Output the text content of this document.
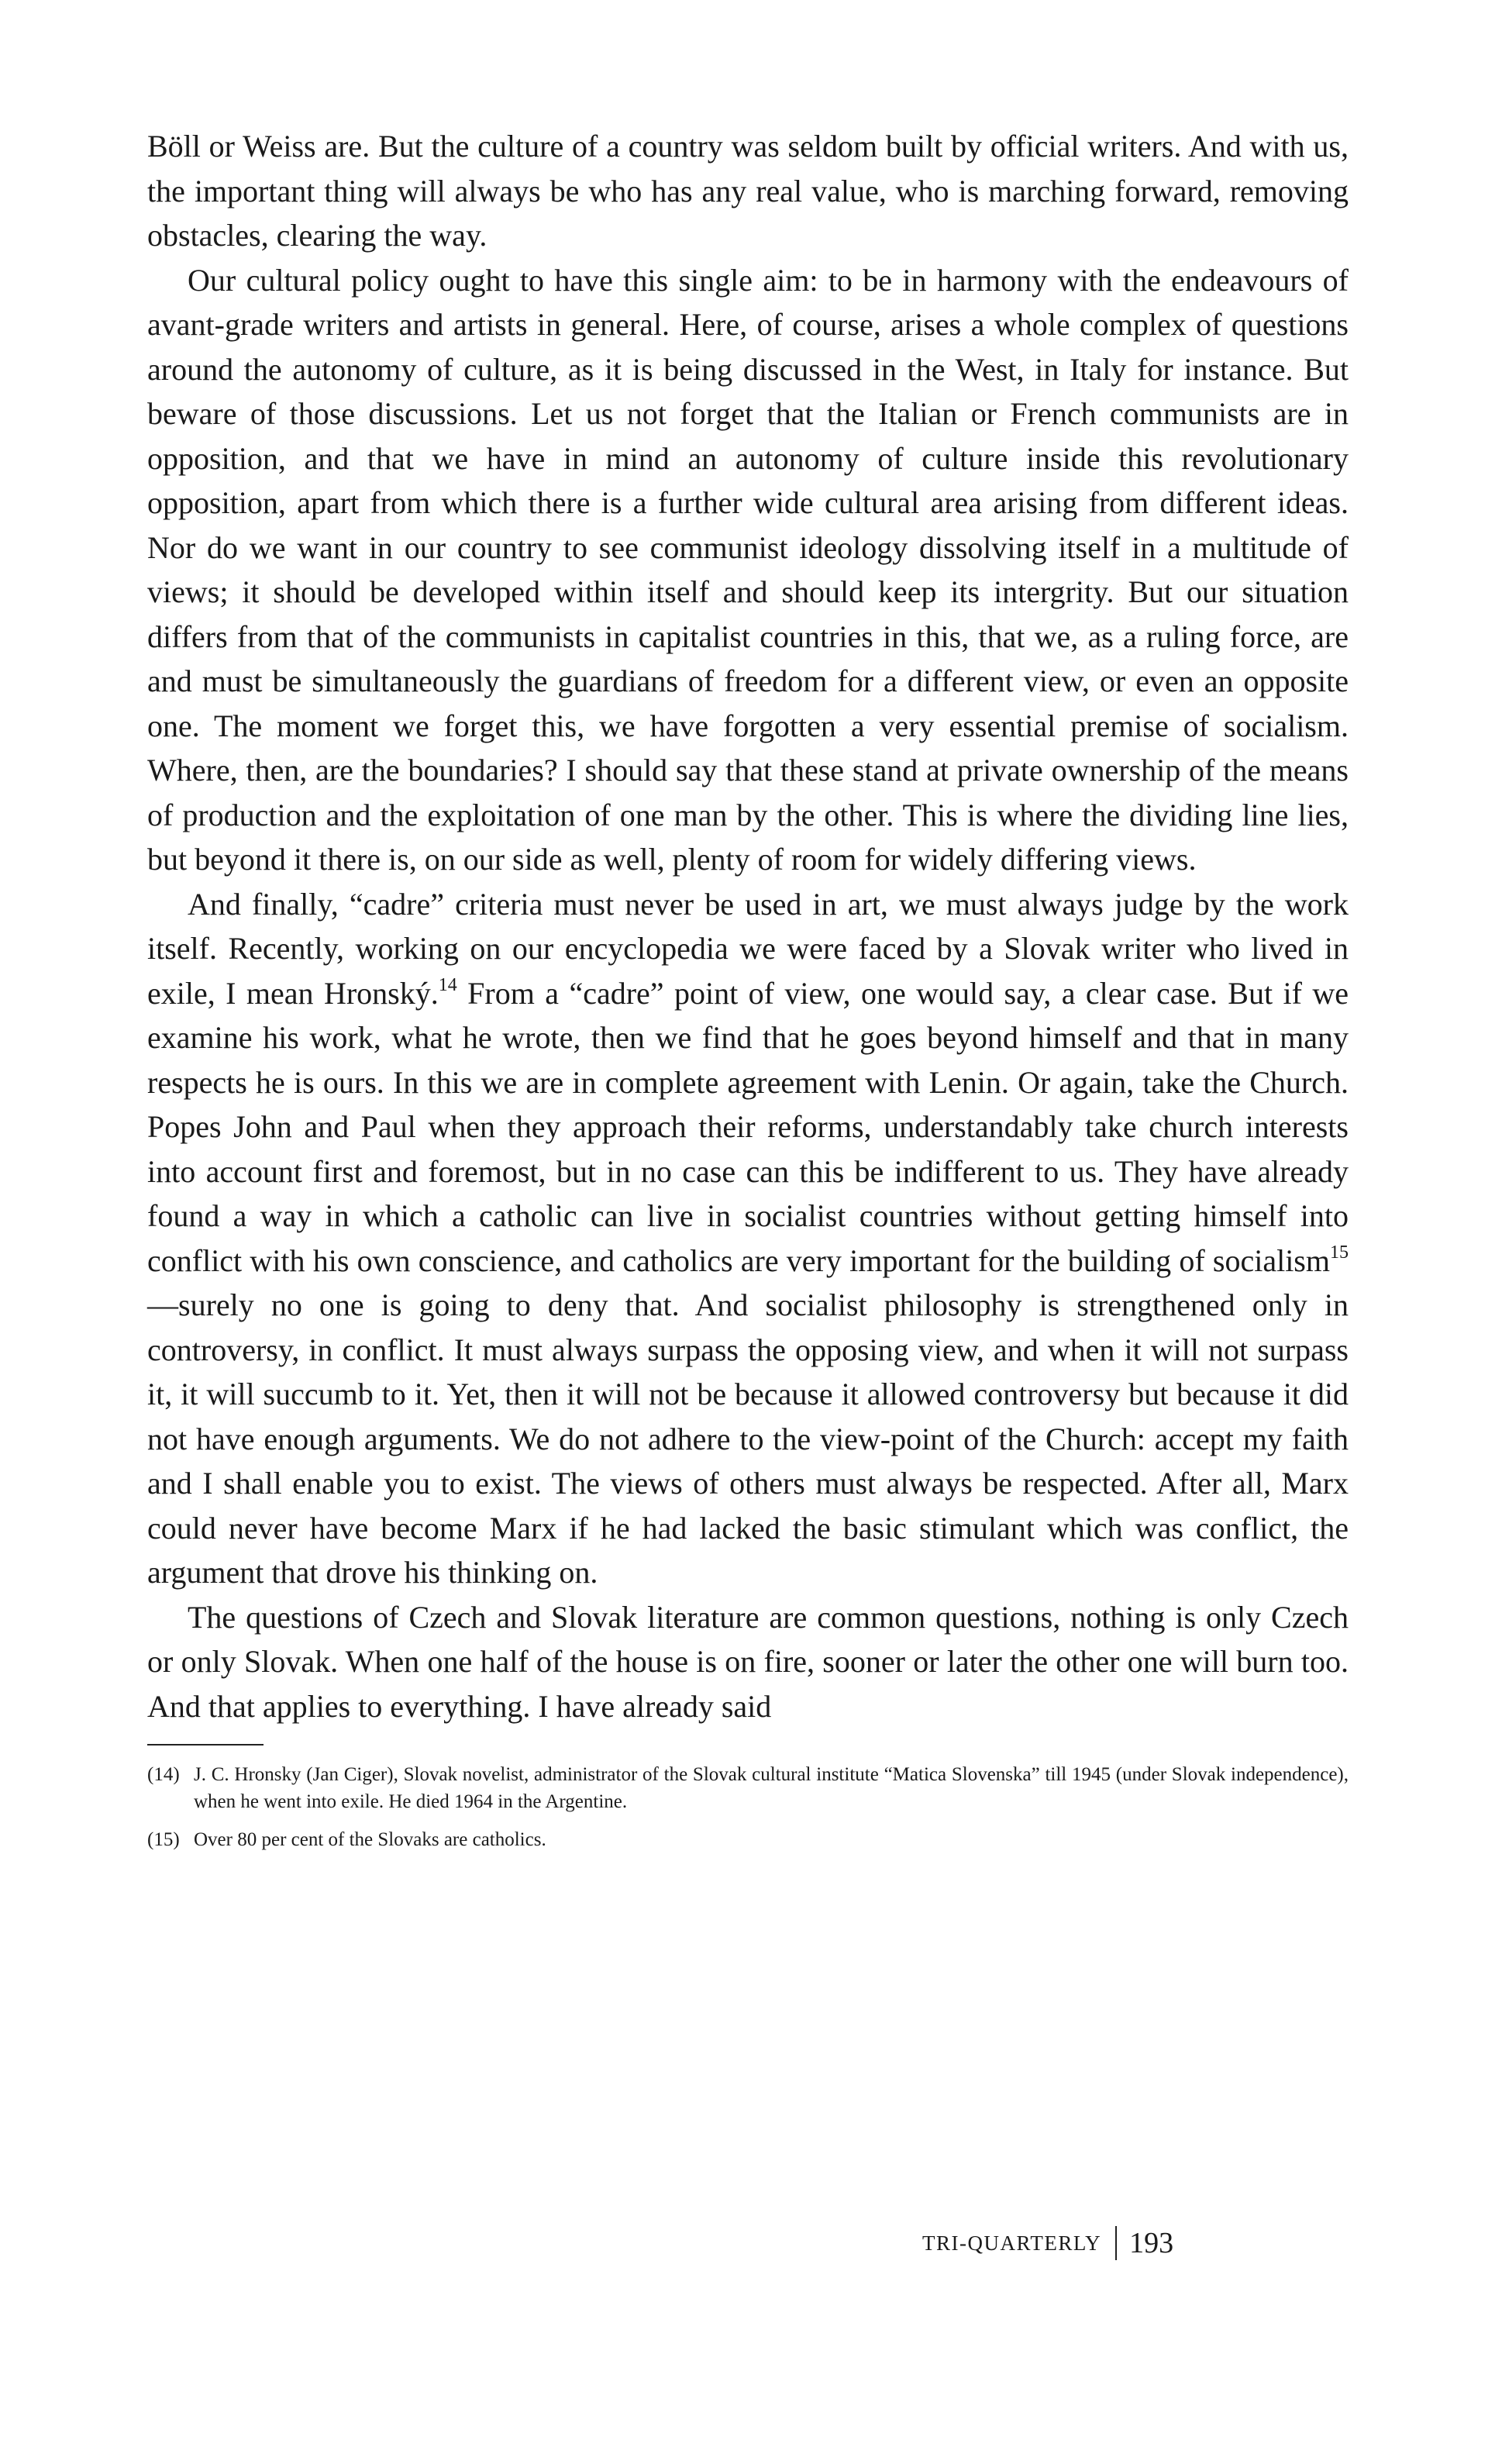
Böll or Weiss are. But the culture of a country was seldom built by official writers. And with us, the important thing will always be who has any real value, who is marching forward, removing obstacles, clearing the way.

Our cultural policy ought to have this single aim: to be in harmony with the endeavours of avant-grade writers and artists in general. Here, of course, arises a whole complex of questions around the autonomy of culture, as it is being discussed in the West, in Italy for instance. But beware of those discussions. Let us not forget that the Italian or French communists are in opposition, and that we have in mind an autonomy of culture inside this revolutionary opposition, apart from which there is a further wide cultural area arising from different ideas. Nor do we want in our country to see communist ideology dissolving itself in a multitude of views; it should be developed within itself and should keep its intergrity. But our situation differs from that of the communists in capitalist countries in this, that we, as a ruling force, are and must be simultaneously the guardians of freedom for a different view, or even an opposite one. The moment we forget this, we have forgotten a very essential premise of socialism. Where, then, are the boundaries? I should say that these stand at private ownership of the means of production and the exploitation of one man by the other. This is where the dividing line lies, but beyond it there is, on our side as well, plenty of room for widely differing views.

And finally, “cadre” criteria must never be used in art, we must always judge by the work itself. Recently, working on our encyclopedia we were faced by a Slovak writer who lived in exile, I mean Hronský.$^{14}$ From a “cadre” point of view, one would say, a clear case. But if we examine his work, what he wrote, then we find that he goes beyond himself and that in many respects he is ours. In this we are in complete agreement with Lenin. Or again, take the Church. Popes John and Paul when they approach their reforms, understandably take church interests into account first and foremost, but in no case can this be indifferent to us. They have already found a way in which a catholic can live in socialist countries without getting himself into conflict with his own conscience, and catholics are very important for the building of socialism$^{15}$—surely no one is going to deny that. And socialist philosophy is strengthened only in controversy, in conflict. It must always surpass the opposing view, and when it will not surpass it, it will succumb to it. Yet, then it will not be because it allowed controversy but because it did not have enough arguments. We do not adhere to the view-point of the Church: accept my faith and I shall enable you to exist. The views of others must always be respected. After all, Marx could never have become Marx if he had lacked the basic stimulant which was conflict, the argument that drove his thinking on.

The questions of Czech and Slovak literature are common questions, nothing is only Czech or only Slovak. When one half of the house is on fire, sooner or later the other one will burn too. And that applies to everything. I have already said

(14) J. C. Hronsky (Jan Ciger), Slovak novelist, administrator of the Slovak cultural institute “Matica Slovenska” till 1945 (under Slovak independence), when he went into exile. He died 1964 in the Argentine.

(15) Over 80 per cent of the Slovaks are catholics.

TRI-QUARTERLY 193
